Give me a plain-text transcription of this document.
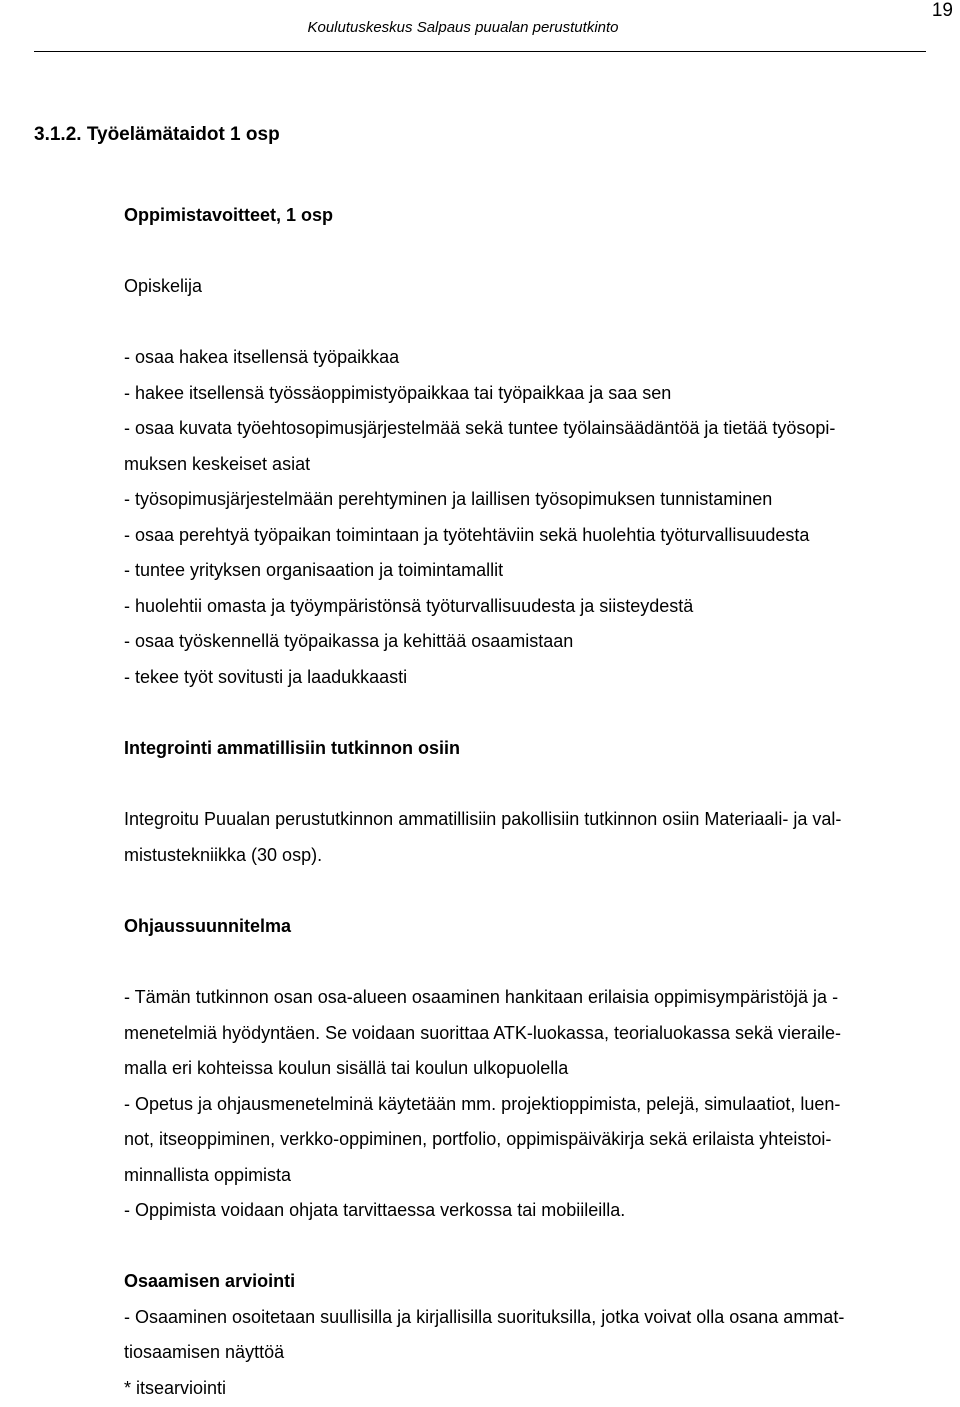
19
Koulutuskeskus Salpaus puualan perustutkinto
3.1.2. Työelämätaidot 1 osp
Oppimistavoitteet, 1 osp
Opiskelija
- osaa hakea itsellensä työpaikkaa
- hakee itsellensä työssäoppimistyöpaikkaa tai työpaikkaa ja saa sen
- osaa kuvata työehtosopimusjärjestelmää sekä tuntee työlainsäädäntöä ja tietää työsopi-
muksen keskeiset asiat
- työsopimusjärjestelmään perehtyminen ja laillisen työsopimuksen tunnistaminen
- osaa perehtyä työpaikan toimintaan ja työtehtäviin sekä huolehtia työturvallisuudesta
- tuntee yrityksen organisaation ja toimintamallit
- huolehtii omasta ja työympäristönsä työturvallisuudesta ja siisteydestä
- osaa työskennellä työpaikassa ja kehittää osaamistaan
- tekee työt sovitusti ja laadukkaasti
Integrointi ammatillisiin tutkinnon osiin
Integroitu Puualan perustutkinnon ammatillisiin pakollisiin tutkinnon osiin Materiaali- ja val-
mistustekniikka (30 osp).
Ohjaussuunnitelma
- Tämän tutkinnon osan osa-alueen osaaminen hankitaan erilaisia oppimisympäristöjä ja -
menetelmiä hyödyntäen. Se voidaan suorittaa ATK-luokassa, teorialuokassa sekä vieraile-
malla eri kohteissa koulun sisällä tai koulun ulkopuolella
- Opetus ja ohjausmenetelminä käytetään mm. projektioppimista, pelejä, simulaatiot, luen-
not, itseoppiminen, verkko-oppiminen, portfolio, oppimispäiväkirja sekä erilaista yhteistoi-
minnallista oppimista
- Oppimista voidaan ohjata tarvittaessa verkossa tai mobiileilla.
Osaamisen arviointi
- Osaaminen osoitetaan suullisilla ja kirjallisilla suorituksilla, jotka voivat olla osana ammat-
tiosaamisen näyttöä
* itsearviointi
